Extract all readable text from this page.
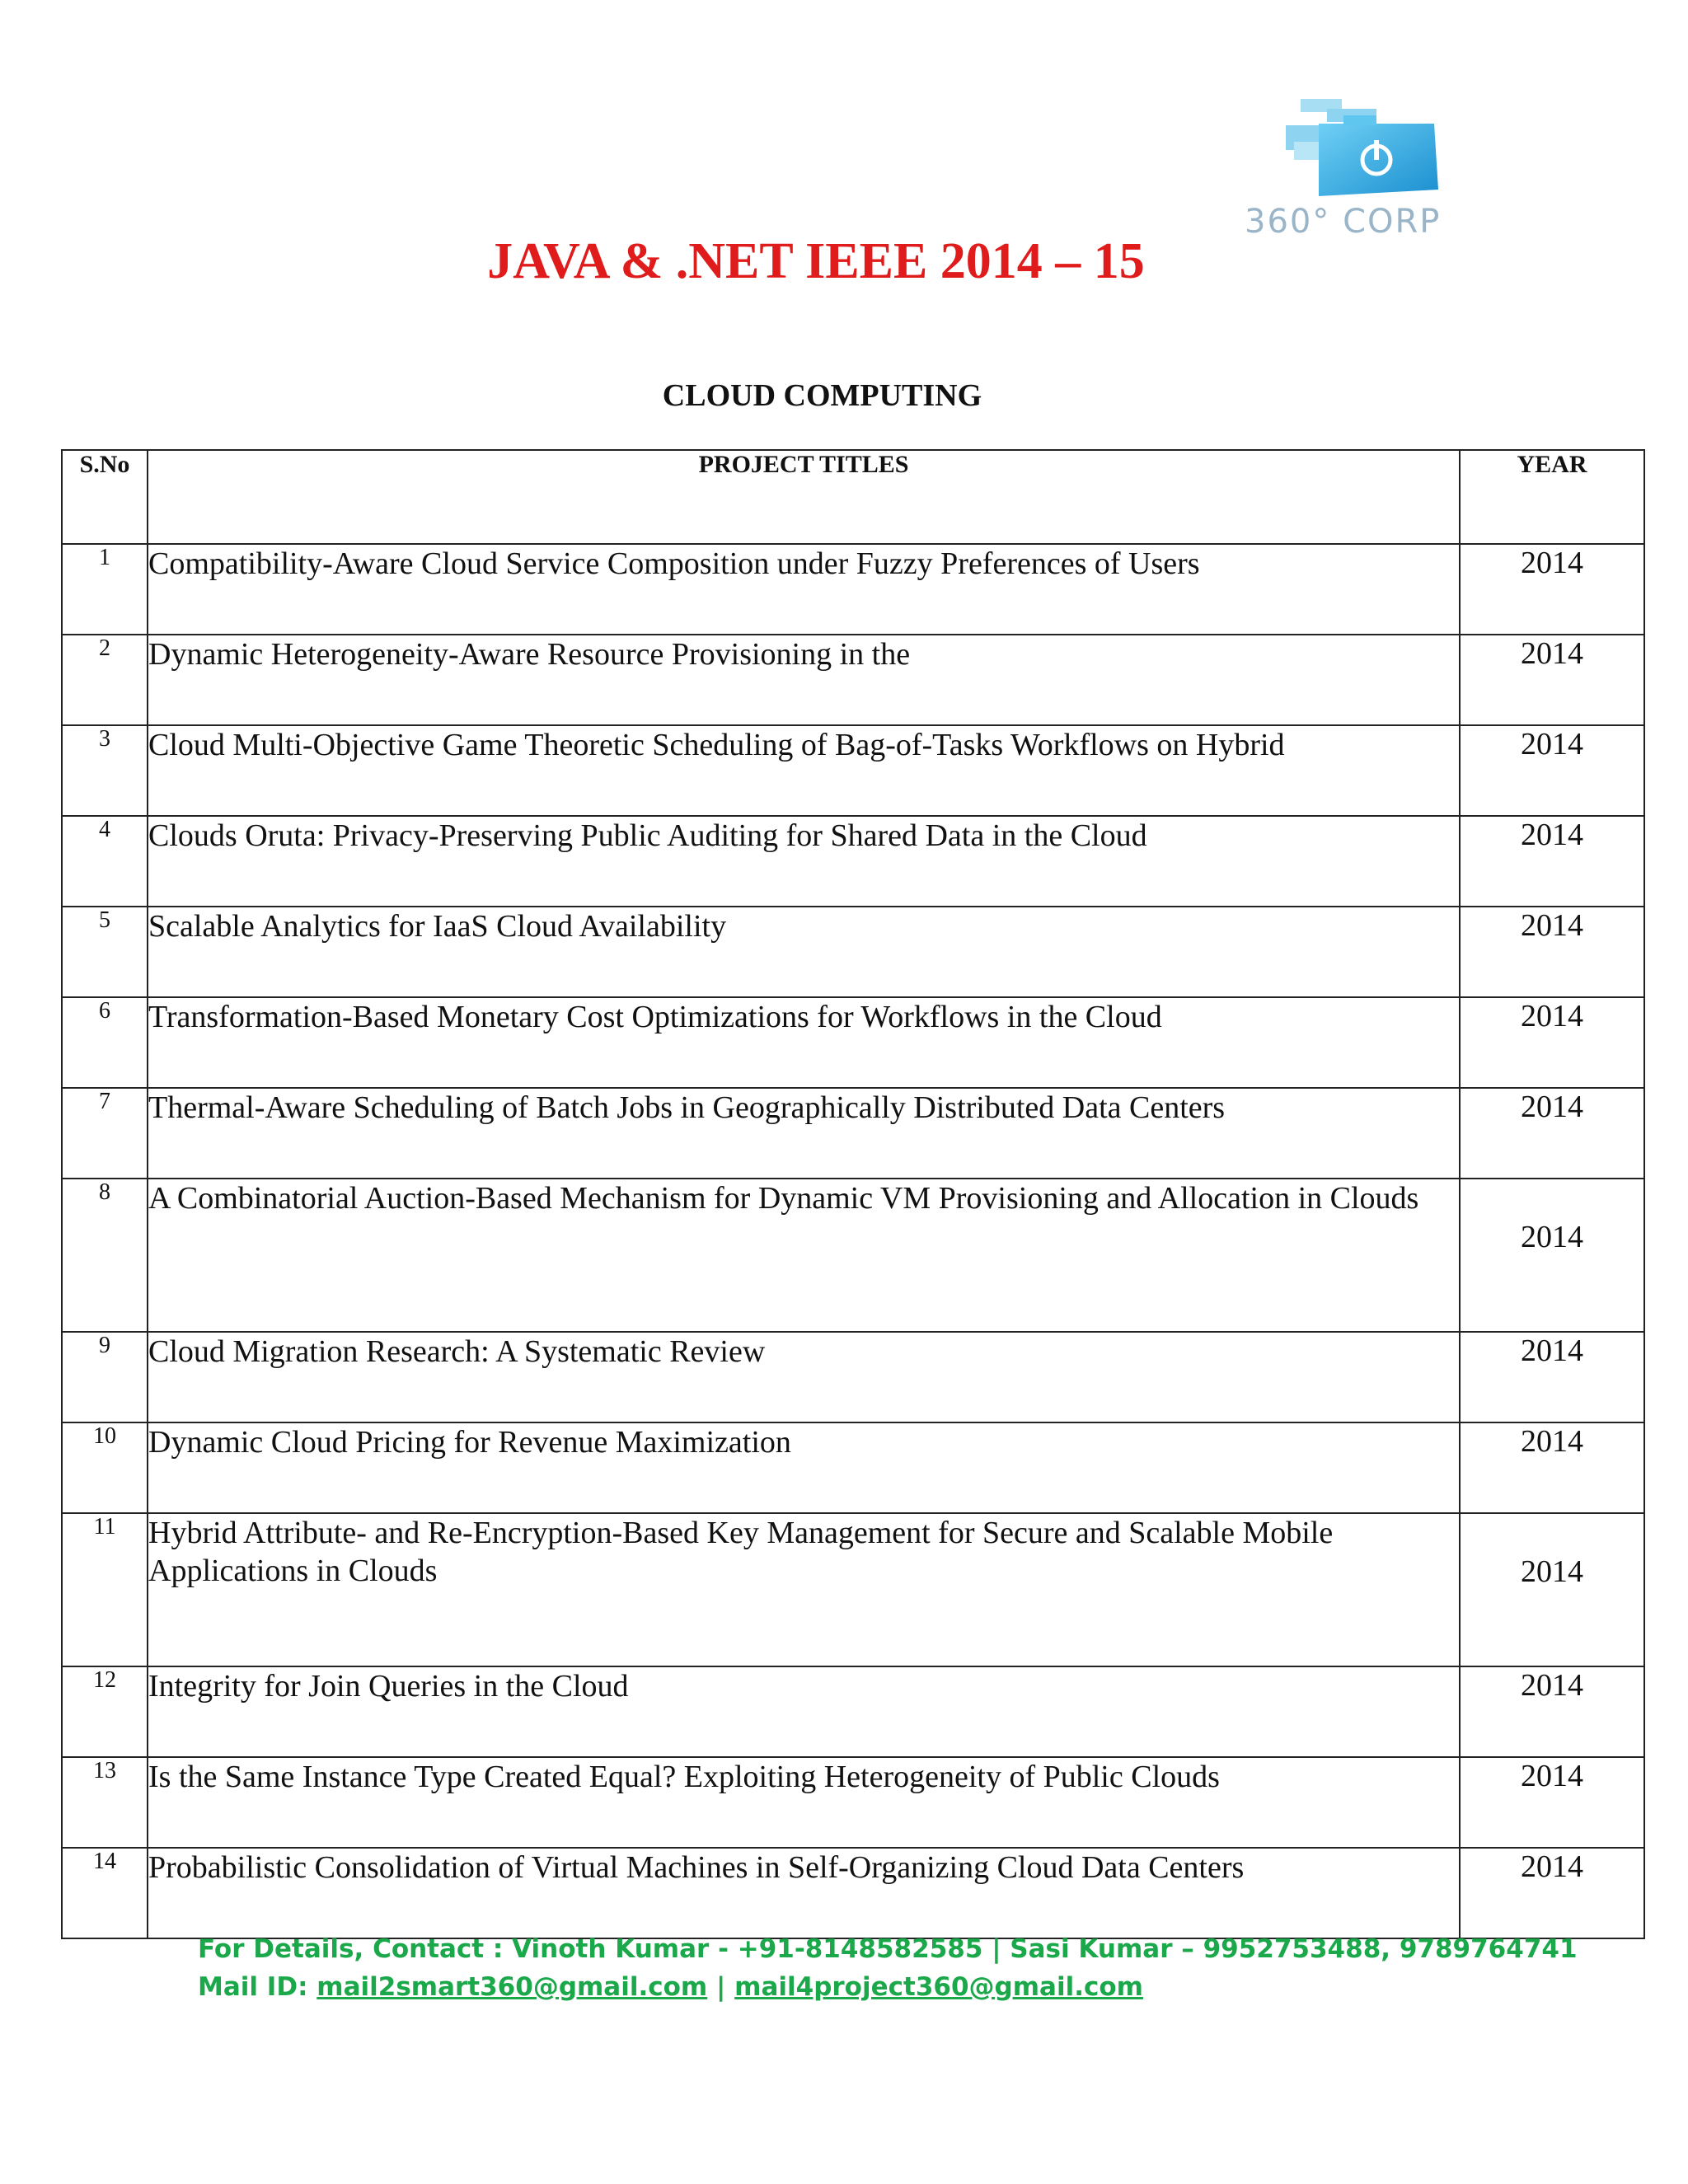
360° CORP
JAVA & .NET IEEE 2014 – 15
CLOUD COMPUTING
S.No	PROJECT TITLES	YEAR
1	Compatibility-Aware Cloud Service Composition under Fuzzy Preferences of Users	2014
2	Dynamic Heterogeneity-Aware Resource Provisioning in the	2014
3	Cloud Multi-Objective Game Theoretic Scheduling of Bag-of-Tasks Workflows on Hybrid	2014
4	Clouds Oruta: Privacy-Preserving Public Auditing for Shared Data in the Cloud	2014
5	Scalable Analytics for IaaS Cloud Availability	2014
6	Transformation-Based Monetary Cost Optimizations for Workflows in the Cloud	2014
7	Thermal-Aware Scheduling of Batch Jobs in Geographically Distributed Data Centers	2014
8	A Combinatorial Auction-Based Mechanism for Dynamic VM Provisioning and Allocation in Clouds	2014
9	Cloud Migration Research: A Systematic Review	2014
10	Dynamic Cloud Pricing for Revenue Maximization	2014
11	Hybrid Attribute- and Re-Encryption-Based Key Management for Secure and Scalable Mobile Applications in Clouds	2014
12	Integrity for Join Queries in the Cloud	2014
13	Is the Same Instance Type Created Equal? Exploiting Heterogeneity of Public Clouds	2014
14	Probabilistic Consolidation of Virtual Machines in Self-Organizing Cloud Data Centers	2014
For Details, Contact : Vinoth Kumar - +91-8148582585 | Sasi Kumar – 9952753488, 9789764741
Mail ID: mail2smart360@gmail.com | mail4project360@gmail.com
